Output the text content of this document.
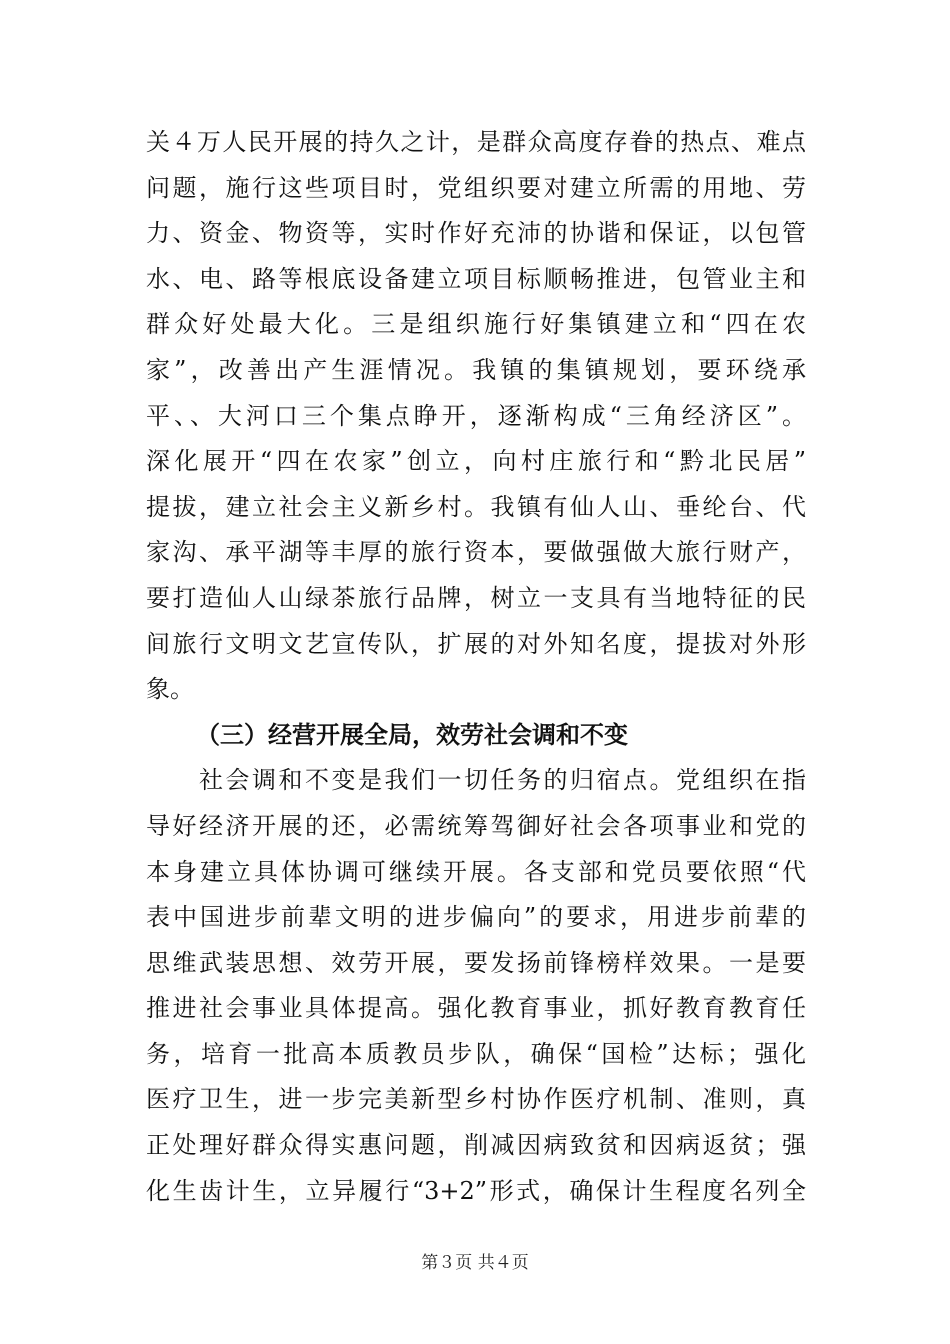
关４万人民开展的持久之计，是群众高度存眷的热点、难点
问题，施行这些项目时，党组织要对建立所需的用地、劳
力、资金、物资等，实时作好充沛的协谐和保证，以包管
水、电、路等根底设备建立项目标顺畅推进，包管业主和
群众好处最大化。三是组织施行好集镇建立和“四在农
家”，改善出产生涯情况。我镇的集镇规划，要环绕承
平、、大河口三个集点睁开，逐渐构成“三角经济区”。
深化展开“四在农家”创立，向村庄旅行和“黔北民居”
提拔，建立社会主义新乡村。我镇有仙人山、垂纶台、代
家沟、承平湖等丰厚的旅行资本，要做强做大旅行财产，
要打造仙人山绿茶旅行品牌，树立一支具有当地特征的民
间旅行文明文艺宣传队，扩展的对外知名度，提拔对外形
象。
（三）经营开展全局，效劳社会调和不变
　　社会调和不变是我们一切任务的归宿点。党组织在指
导好经济开展的还，必需统筹驾御好社会各项事业和党的
本身建立具体协调可继续开展。各支部和党员要依照“代
表中国进步前辈文明的进步偏向”的要求，用进步前辈的
思维武装思想、效劳开展，要发扬前锋榜样效果。一是要
推进社会事业具体提高。强化教育事业，抓好教育教育任
务，培育一批高本质教员步队，确保“国检”达标；强化
医疗卫生，进一步完美新型乡村协作医疗机制、准则，真
正处理好群众得实惠问题，削减因病致贫和因病返贫；强
化生齿计生，立异履行“3+2”形式，确保计生程度名列全
第３页 共４页
